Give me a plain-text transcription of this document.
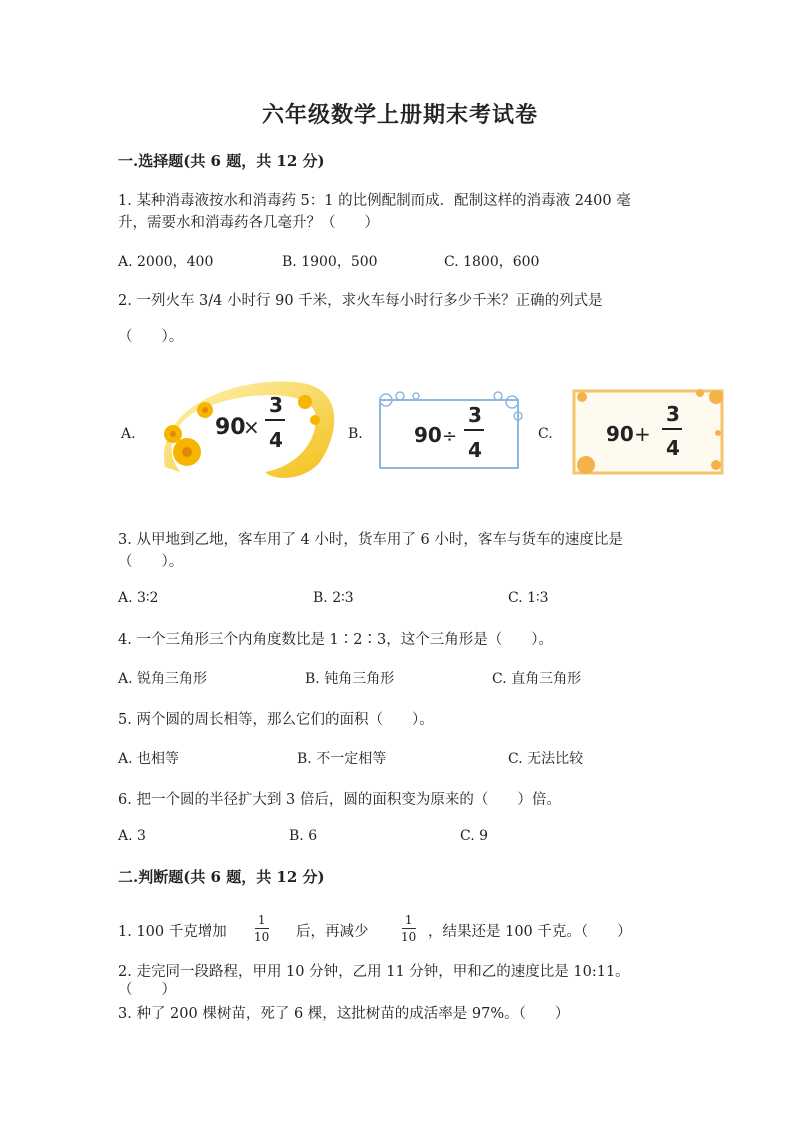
六年级数学上册期末考试卷
一.选择题(共 6 题，共 12 分)
1. 某种消毒液按水和消毒药 5：1 的比例配制而成．配制这样的消毒液 2400 毫
升，需要水和消毒药各几毫升？（　　）
A. 2000，400	B. 1900，500	C. 1800，600
2. 一列火车 3/4 小时行 90 千米，求火车每小时行多少千米？正确的列式是
（　　）。
A.	90
×
3
4	B.	90 ÷
3
4
C.	90 +
3
4
3. 从甲地到乙地，客车用了 4 小时，货车用了 6 小时，客车与货车的速度比是
（　　）。
A. 3∶2	B. 2∶3	C. 1∶3
4. 一个三角形三个内角度数比是 1∶2∶3，这个三角形是（　　）。
A. 锐角三角形	B. 钝角三角形	C. 直角三角形
5. 两个圆的周长相等，那么它们的面积（　　）。
A. 也相等	B. 不一定相等	C. 无法比较
6. 把一个圆的半径扩大到 3 倍后，圆的面积变为原来的（　　）倍。
A. 3	B. 6	C. 9
二.判断题(共 6 题，共 12 分)
1. 100 千克增加
1
10 后，再减少
1
10 ，结果还是 100 千克。（　　）
2. 走完同一段路程，甲用 10 分钟，乙用 11 分钟，甲和乙的速度比是 10:11。
（　　）
3. 种了 200 棵树苗，死了 6 棵，这批树苗的成活率是 97%。（　　）
